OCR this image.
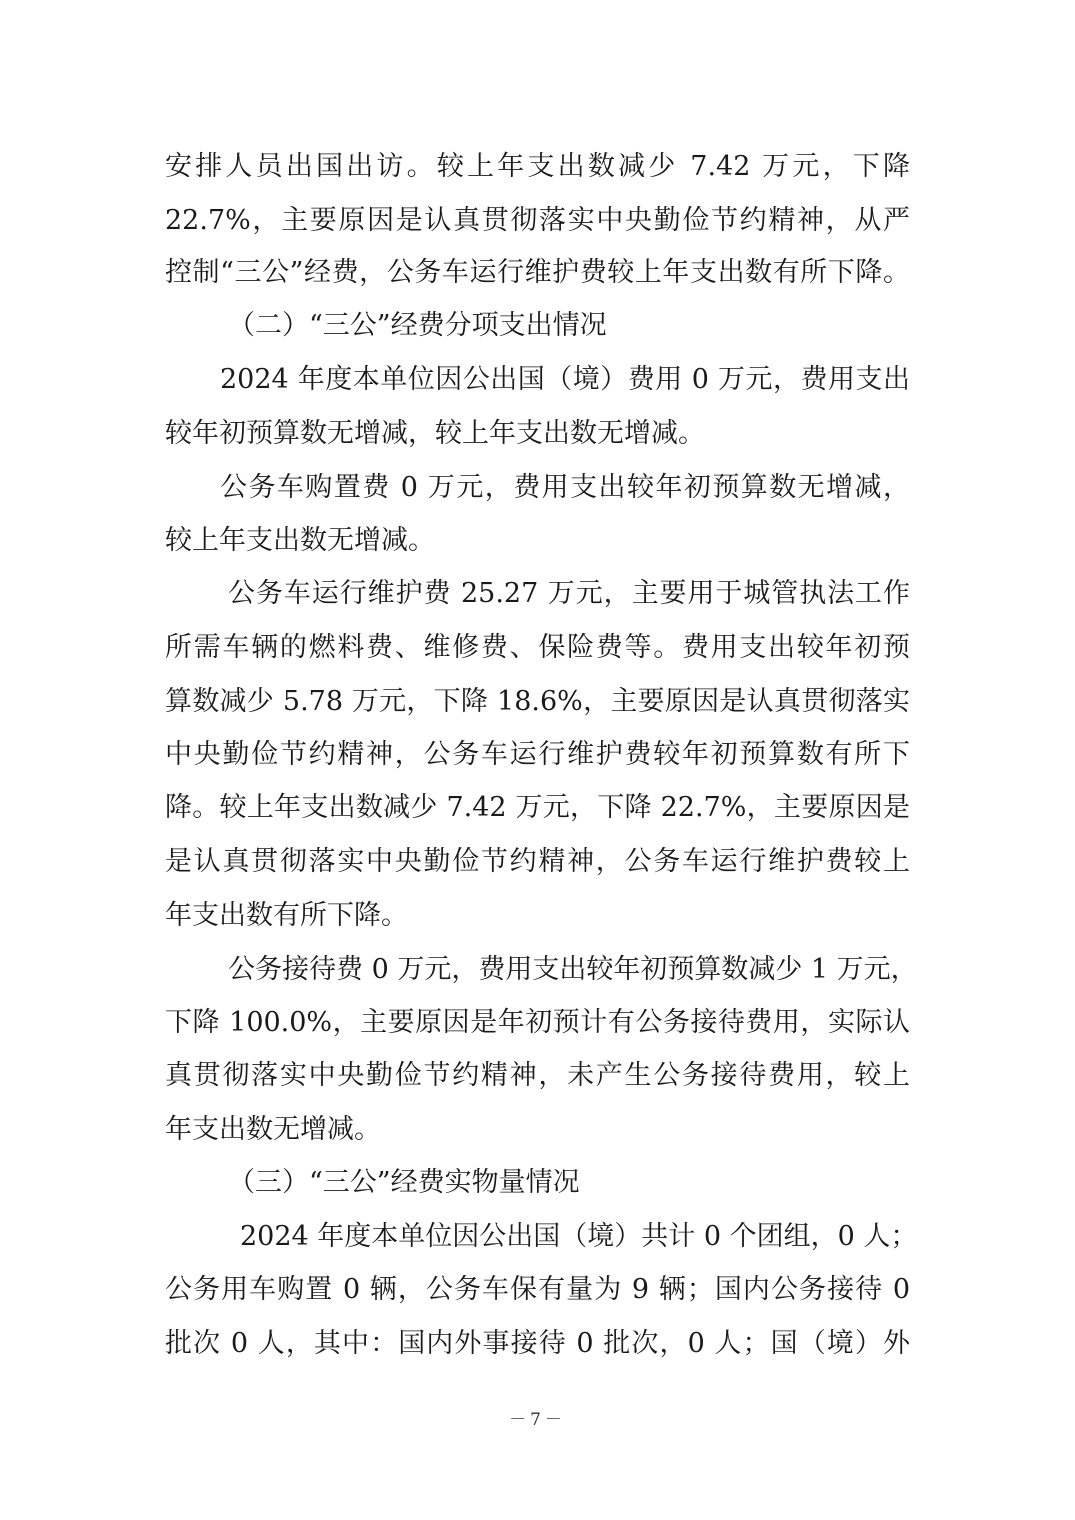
安排人员出国出访。较上年支出数减少 7.42 万元，下降
22.7%，主要原因是认真贯彻落实中央勤俭节约精神，从严
控制“三公”经费，公务车运行维护费较上年支出数有所下降。
（二）“三公”经费分项支出情况
2024 年度本单位因公出国（境）费用 0 万元，费用支出
较年初预算数无增减，较上年支出数无增减。
公务车购置费 0 万元，费用支出较年初预算数无增减，
较上年支出数无增减。
公务车运行维护费 25.27 万元，主要用于城管执法工作
所需车辆的燃料费、维修费、保险费等。费用支出较年初预
算数减少 5.78 万元，下降 18.6%，主要原因是认真贯彻落实
中央勤俭节约精神，公务车运行维护费较年初预算数有所下
降。较上年支出数减少 7.42 万元，下降 22.7%，主要原因是
是认真贯彻落实中央勤俭节约精神，公务车运行维护费较上
年支出数有所下降。
公务接待费 0 万元，费用支出较年初预算数减少 1 万元，
下降 100.0%，主要原因是年初预计有公务接待费用，实际认
真贯彻落实中央勤俭节约精神，未产生公务接待费用，较上
年支出数无增减。
（三）“三公”经费实物量情况
2024 年度本单位因公出国（境）共计 0 个团组，0 人；
公务用车购置 0 辆，公务车保有量为 9 辆；国内公务接待 0
批次 0 人，其中：国内外事接待 0 批次，0 人；国（境）外
－7－
